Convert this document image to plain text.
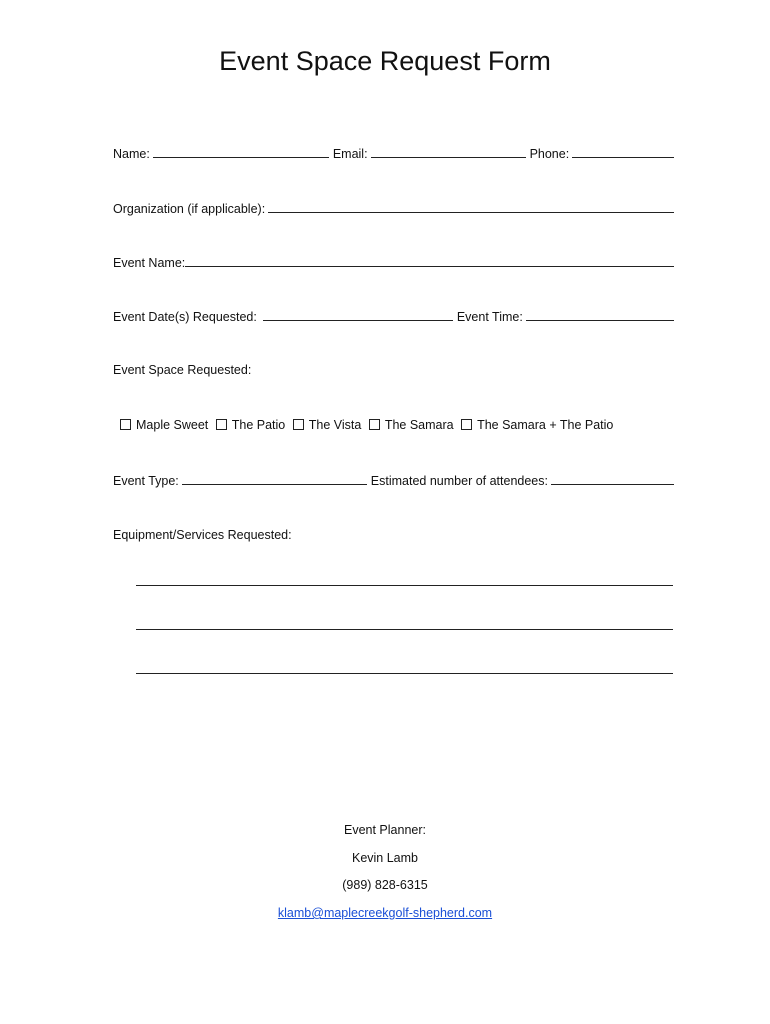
Event Space Request Form
Name:	Email:	Phone:
Organization (if applicable):
Event Name:
Event Date(s) Requested:	Event Time:
Event Space Requested:
Maple Sweet The Patio The Vista The Samara The Samara + The Patio
Event Type:	Estimated number of attendees:
Equipment/Services Requested:
Event Planner:
Kevin Lamb
(989) 828-6315
klamb@maplecreekgolf-shepherd.com
